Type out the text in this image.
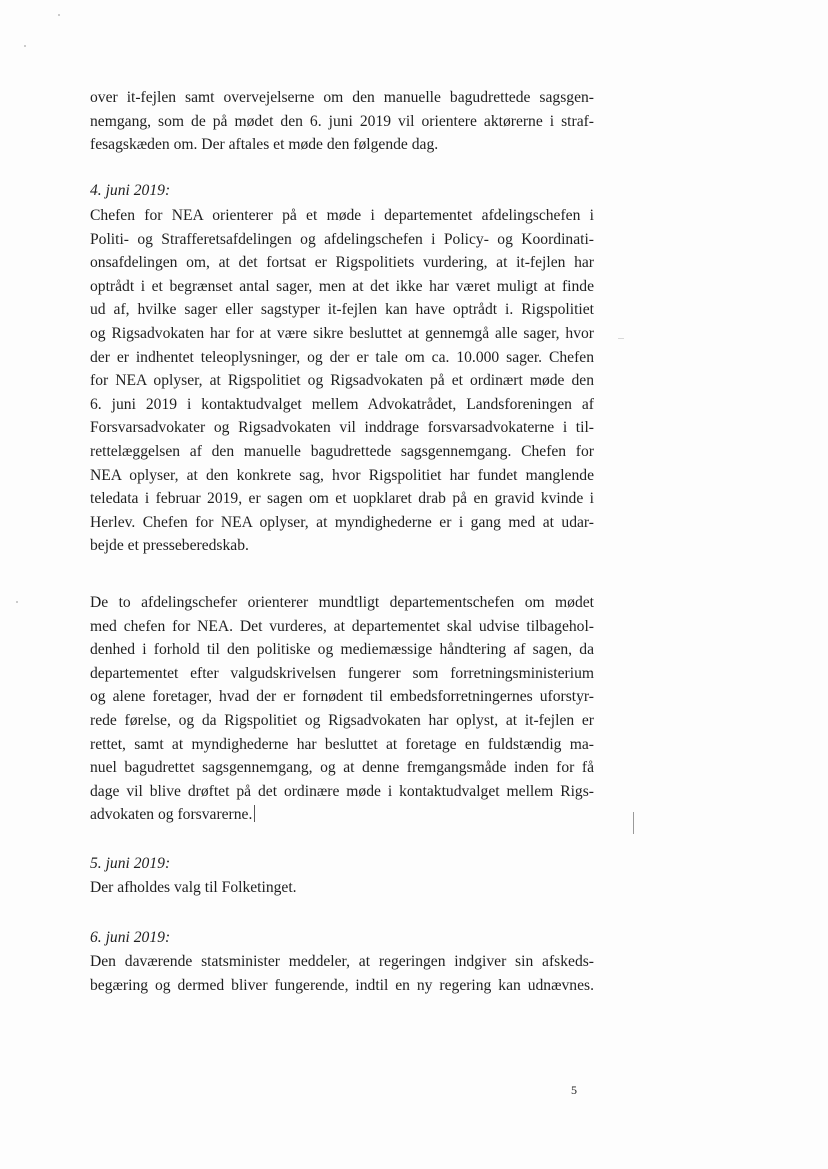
over it-fejlen samt overvejelserne om den manuelle bagudrettede sagsgen-
nemgang, som de på mødet den 6. juni 2019 vil orientere aktørerne i straf-
fesagskæden om. Der aftales et møde den følgende dag.
4. juni 2019:
Chefen for NEA orienterer på et møde i departementet afdelingschefen i
Politi- og Strafferetsafdelingen og afdelingschefen i Policy- og Koordinati-
onsafdelingen om, at det fortsat er Rigspolitiets vurdering, at it-fejlen har
optrådt i et begrænset antal sager, men at det ikke har været muligt at finde
ud af, hvilke sager eller sagstyper it-fejlen kan have optrådt i. Rigspolitiet
og Rigsadvokaten har for at være sikre besluttet at gennemgå alle sager, hvor
der er indhentet teleoplysninger, og der er tale om ca. 10.000 sager. Chefen
for NEA oplyser, at Rigspolitiet og Rigsadvokaten på et ordinært møde den
6. juni 2019 i kontaktudvalget mellem Advokatrådet, Landsforeningen af
Forsvarsadvokater og Rigsadvokaten vil inddrage forsvarsadvokaterne i til-
rettelæggelsen af den manuelle bagudrettede sagsgennemgang. Chefen for
NEA oplyser, at den konkrete sag, hvor Rigspolitiet har fundet manglende
teledata i februar 2019, er sagen om et uopklaret drab på en gravid kvinde i
Herlev. Chefen for NEA oplyser, at myndighederne er i gang med at udar-
bejde et presseberedskab.
De to afdelingschefer orienterer mundtligt departementschefen om mødet
med chefen for NEA. Det vurderes, at departementet skal udvise tilbagehol-
denhed i forhold til den politiske og mediemæssige håndtering af sagen, da
departementet efter valgudskrivelsen fungerer som forretningsministerium
og alene foretager, hvad der er fornødent til embedsforretningernes uforstyr-
rede førelse, og da Rigspolitiet og Rigsadvokaten har oplyst, at it-fejlen er
rettet, samt at myndighederne har besluttet at foretage en fuldstændig ma-
nuel bagudrettet sagsgennemgang, og at denne fremgangsmåde inden for få
dage vil blive drøftet på det ordinære møde i kontaktudvalget mellem Rigs-
advokaten og forsvarerne.
5. juni 2019:
Der afholdes valg til Folketinget.
6. juni 2019:
Den daværende statsminister meddeler, at regeringen indgiver sin afskeds-
begæring og dermed bliver fungerende, indtil en ny regering kan udnævnes.
5
